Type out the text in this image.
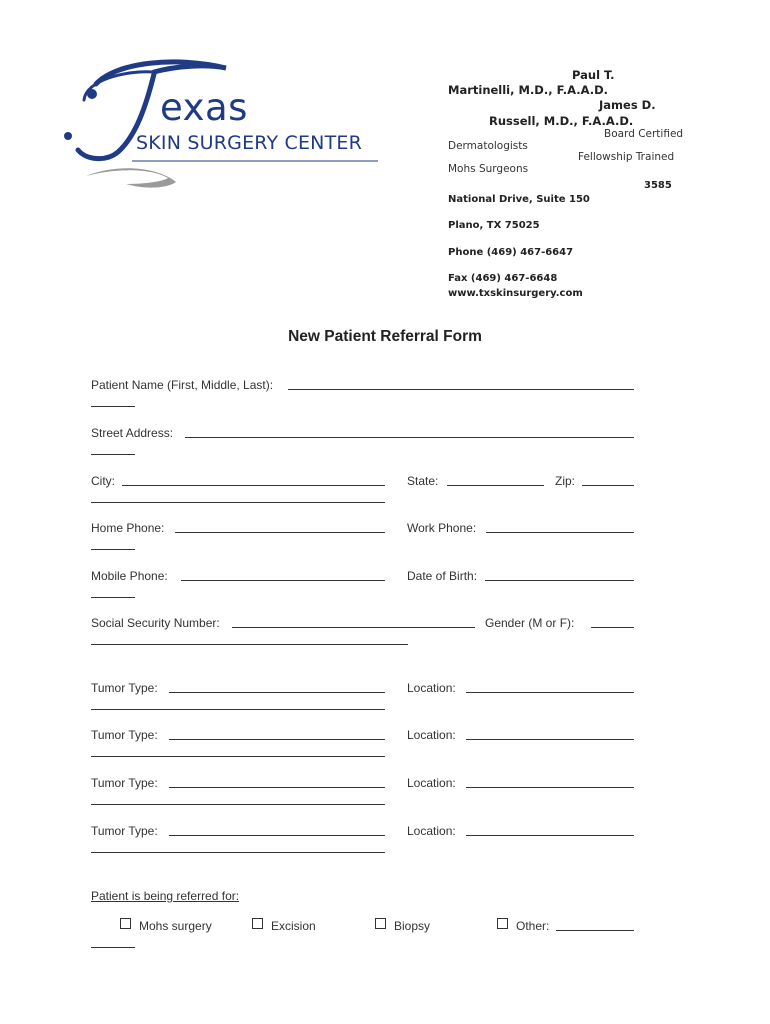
exas
SKIN SURGERY CENTER
Paul T.
Martinelli, M.D., F.A.A.D.
James D.
Russell, M.D., F.A.A.D.
Board Certified
Dermatologists
Fellowship Trained
Mohs Surgeons
3585
National Drive, Suite 150
Plano, TX 75025
Phone (469) 467-6647
Fax (469) 467-6648
www.txskinsurgery.com
New Patient Referral Form
Patient Name (First, Middle, Last):
Street Address:
City:	State:	Zip:
Home Phone:	Work Phone:
Mobile Phone:	Date of Birth:
Social Security Number:	Gender (M or F):
Tumor Type:	Location:
Tumor Type:	Location:
Tumor Type:	Location:
Tumor Type:	Location:
Patient is being referred for:
Mohs surgery	Excision	Biopsy	Other:
